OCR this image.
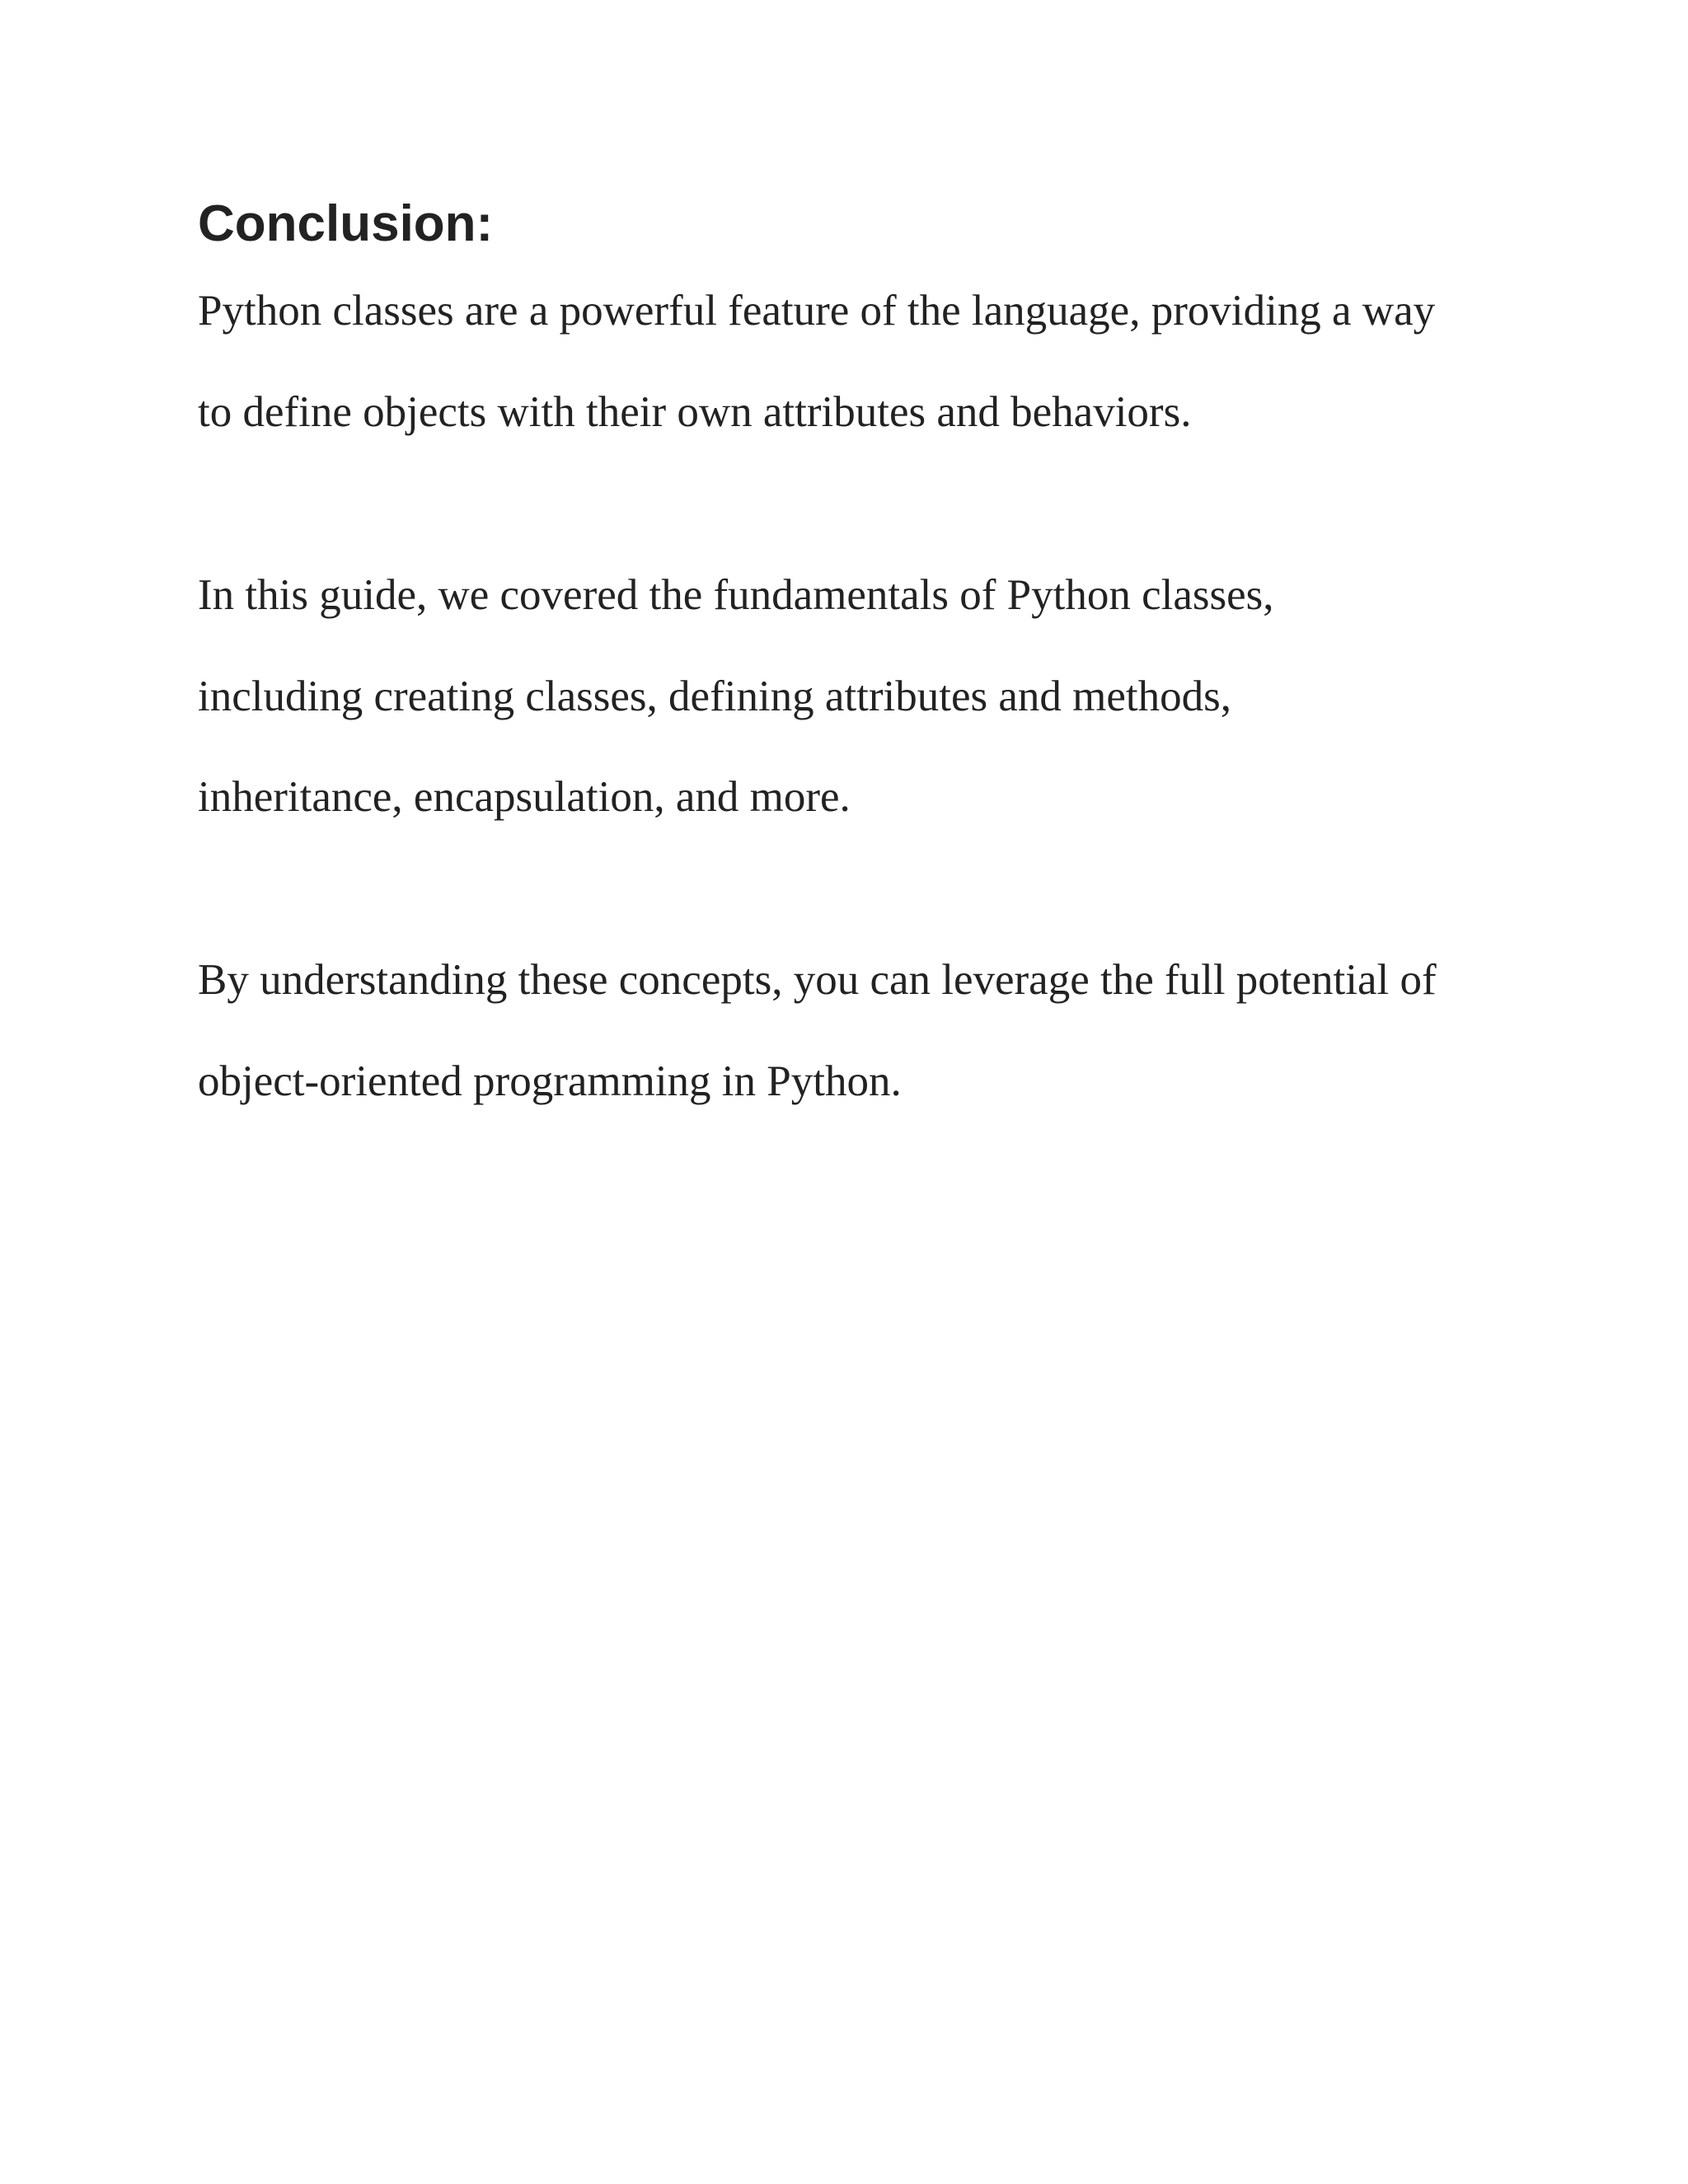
Conclusion:

Python classes are a powerful feature of the language, providing a way

to define objects with their own attributes and behaviors.

In this guide, we covered the fundamentals of Python classes,

including creating classes, defining attributes and methods,

inheritance, encapsulation, and more.

By understanding these concepts, you can leverage the full potential of

object-oriented programming in Python.
